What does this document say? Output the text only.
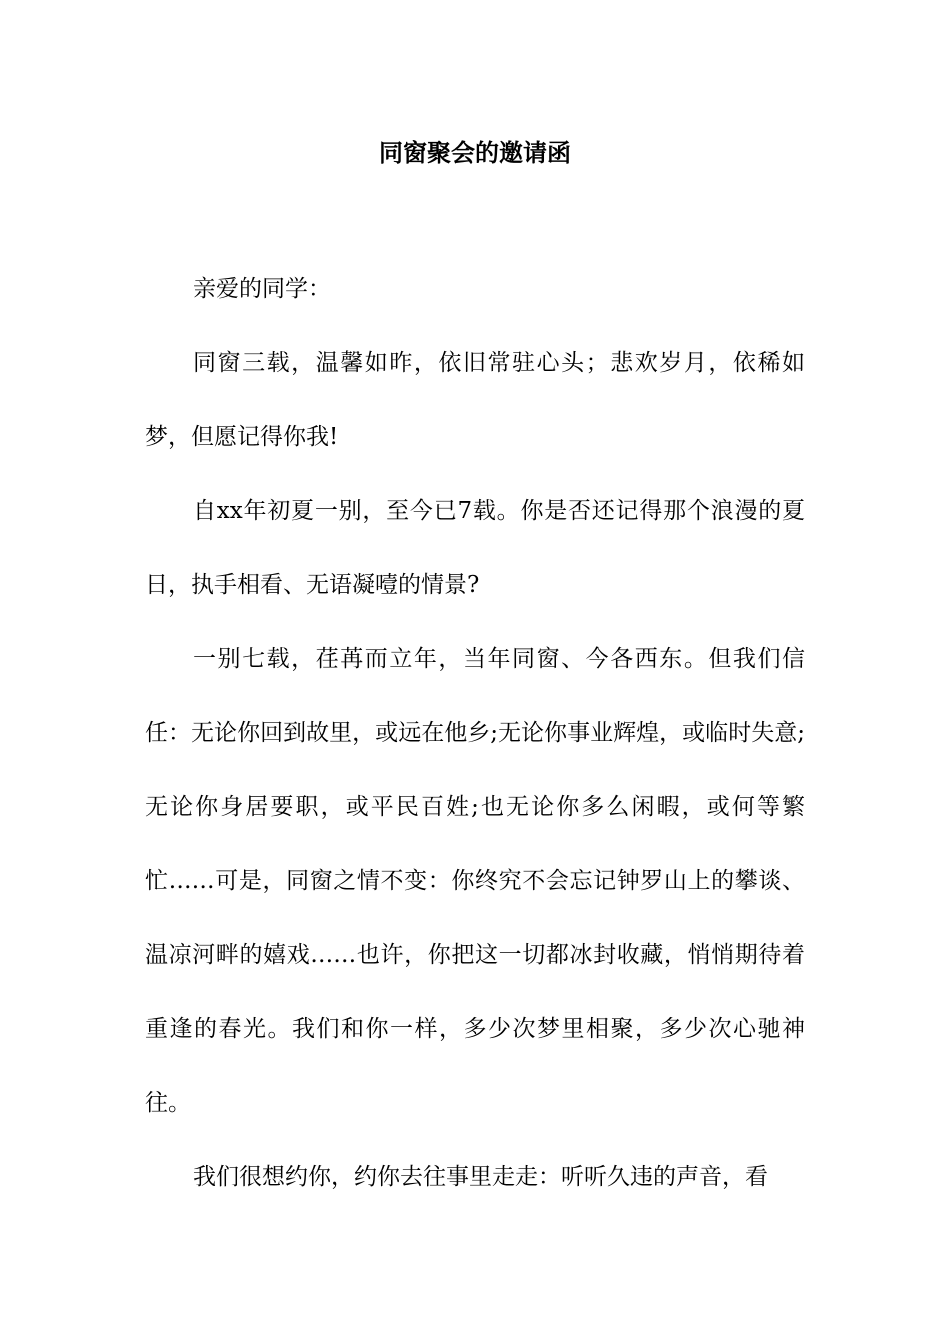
同窗聚会的邀请函

亲爱的同学：

同窗三载，温馨如昨，依旧常驻心头；悲欢岁月，依稀如梦，但愿记得你我!

自xx年初夏一别，至今已7载。你是否还记得那个浪漫的夏日，执手相看、无语凝噎的情景?

一别七载，荏苒而立年，当年同窗、今各西东。但我们信任：无论你回到故里，或远在他乡;无论你事业辉煌，或临时失意;无论你身居要职，或平民百姓;也无论你多么闲暇，或何等繁忙……可是，同窗之情不变：你终究不会忘记钟罗山上的攀谈、温凉河畔的嬉戏……也许，你把这一切都冰封收藏，悄悄期待着重逢的春光。我们和你一样，多少次梦里相聚，多少次心驰神往。

我们很想约你，约你去往事里走走：听听久违的声音，看
